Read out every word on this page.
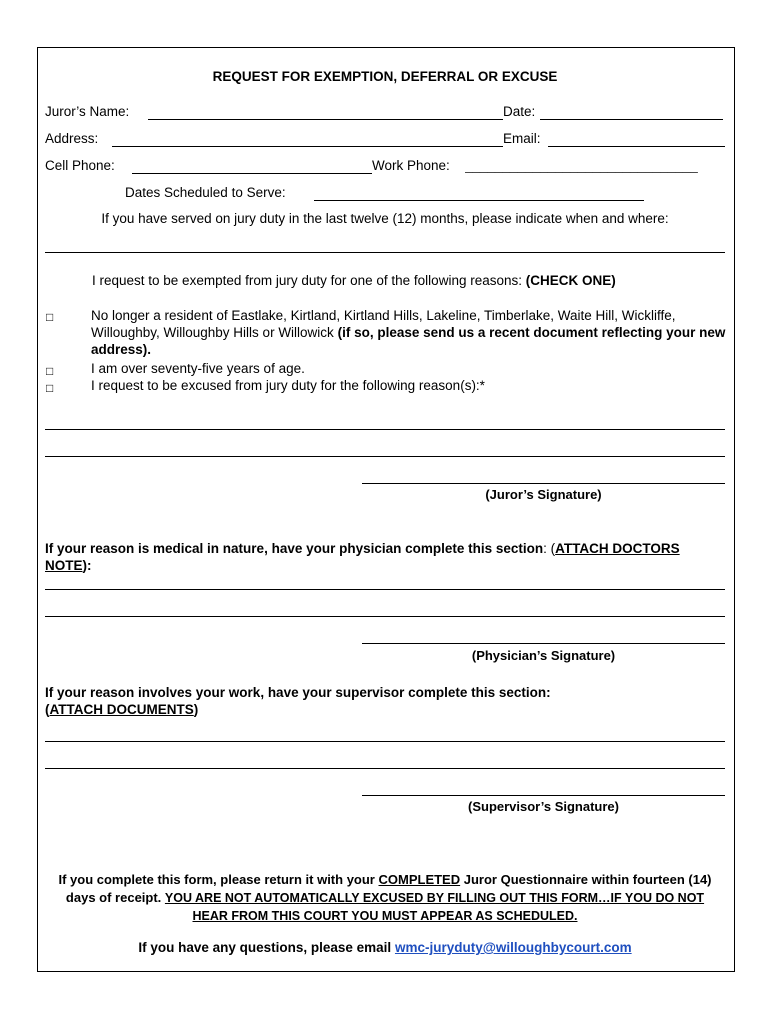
REQUEST FOR EXEMPTION, DEFERRAL OR EXCUSE
Juror’s Name:	Date:
Address:	Email:
Cell Phone:	Work Phone: _______________________________
Dates Scheduled to Serve:
If you have served on jury duty in the last twelve (12) months, please indicate when and where:
I request to be exempted from jury duty for one of the following reasons: (CHECK ONE)
□	No longer a resident of Eastlake, Kirtland, Kirtland Hills, Lakeline, Timberlake, Waite Hill, Wickliffe, Willoughby, Willoughby Hills or Willowick (if so, please send us a recent document reflecting your new address).
□	I am over seventy-five years of age.
□	I request to be excused from jury duty for the following reason(s):*
(Juror’s Signature)
If your reason is medical in nature, have your physician complete this section: (ATTACH DOCTORS NOTE):
(Physician’s Signature)
If your reason involves your work, have your supervisor complete this section:
(ATTACH DOCUMENTS)
(Supervisor’s Signature)
If you complete this form, please return it with your COMPLETED Juror Questionnaire within fourteen (14) days of receipt. YOU ARE NOT AUTOMATICALLY EXCUSED BY FILLING OUT THIS FORM…IF YOU DO NOT HEAR FROM THIS COURT YOU MUST APPEAR AS SCHEDULED.
If you have any questions, please email wmc-juryduty@willoughbycourt.com
